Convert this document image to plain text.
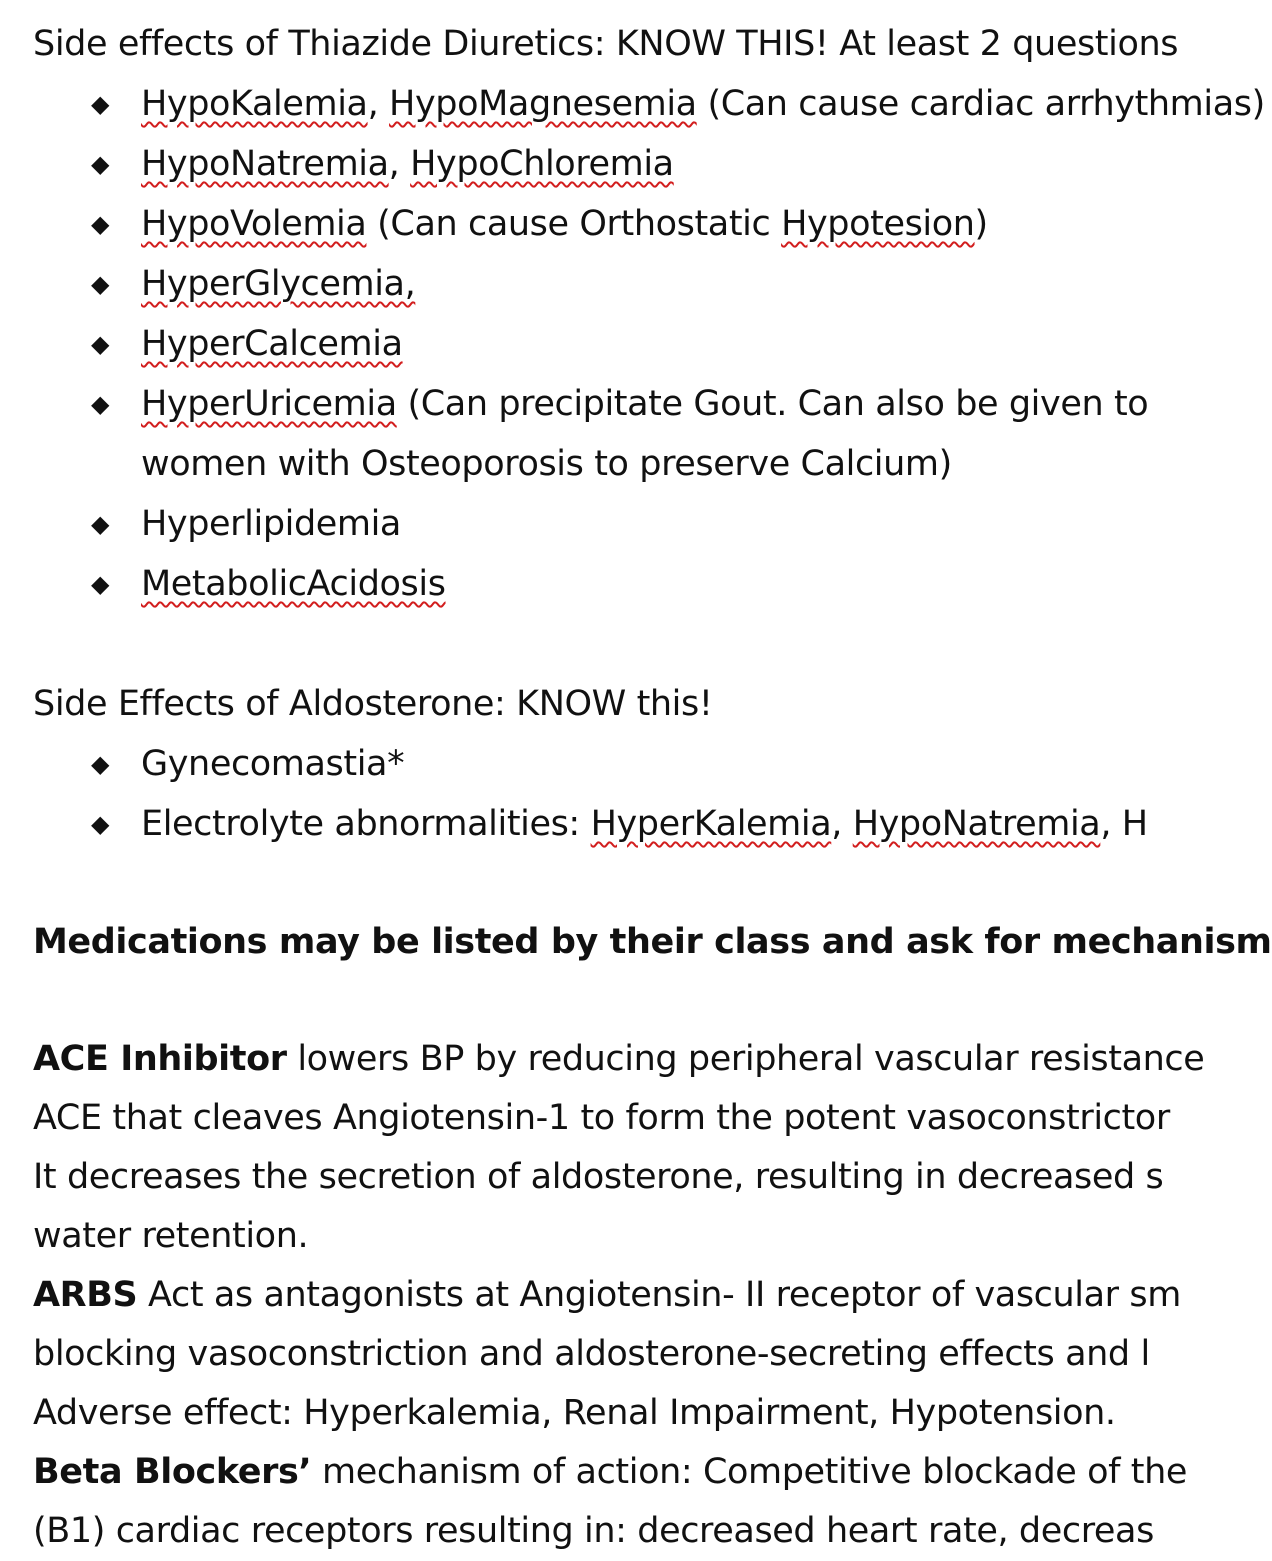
Side effects of Thiazide Diuretics: KNOW THIS! At least 2 questions
◆ HypoKalemia, HypoMagnesemia (Can cause cardiac arrhythmias)
◆ HypoNatremia, HypoChloremia
◆ HypoVolemia (Can cause Orthostatic Hypotesion)
◆ HyperGlycemia,
◆ HyperCalcemia
◆ HyperUricemia (Can precipitate Gout. Can also be given to
women with Osteoporosis to preserve Calcium)
◆ Hyperlipidemia
◆ MetabolicAcidosis
Side Effects of Aldosterone: KNOW this!
◆ Gynecomastia*
◆ Electrolyte abnormalities: HyperKalemia, HypoNatremia, H
Medications may be listed by their class and ask for mechanism
ACE Inhibitor lowers BP by reducing peripheral vascular resistance
ACE that cleaves Angiotensin-1 to form the potent vasoconstrictor
It decreases the secretion of aldosterone, resulting in decreased s
water retention.
ARBS Act as antagonists at Angiotensin- II receptor of vascular sm
blocking vasoconstriction and aldosterone-secreting effects and l
Adverse effect: Hyperkalemia, Renal Impairment, Hypotension.
Beta Blockers’ mechanism of action: Competitive blockade of the
(B1) cardiac receptors resulting in: decreased heart rate, decreas
